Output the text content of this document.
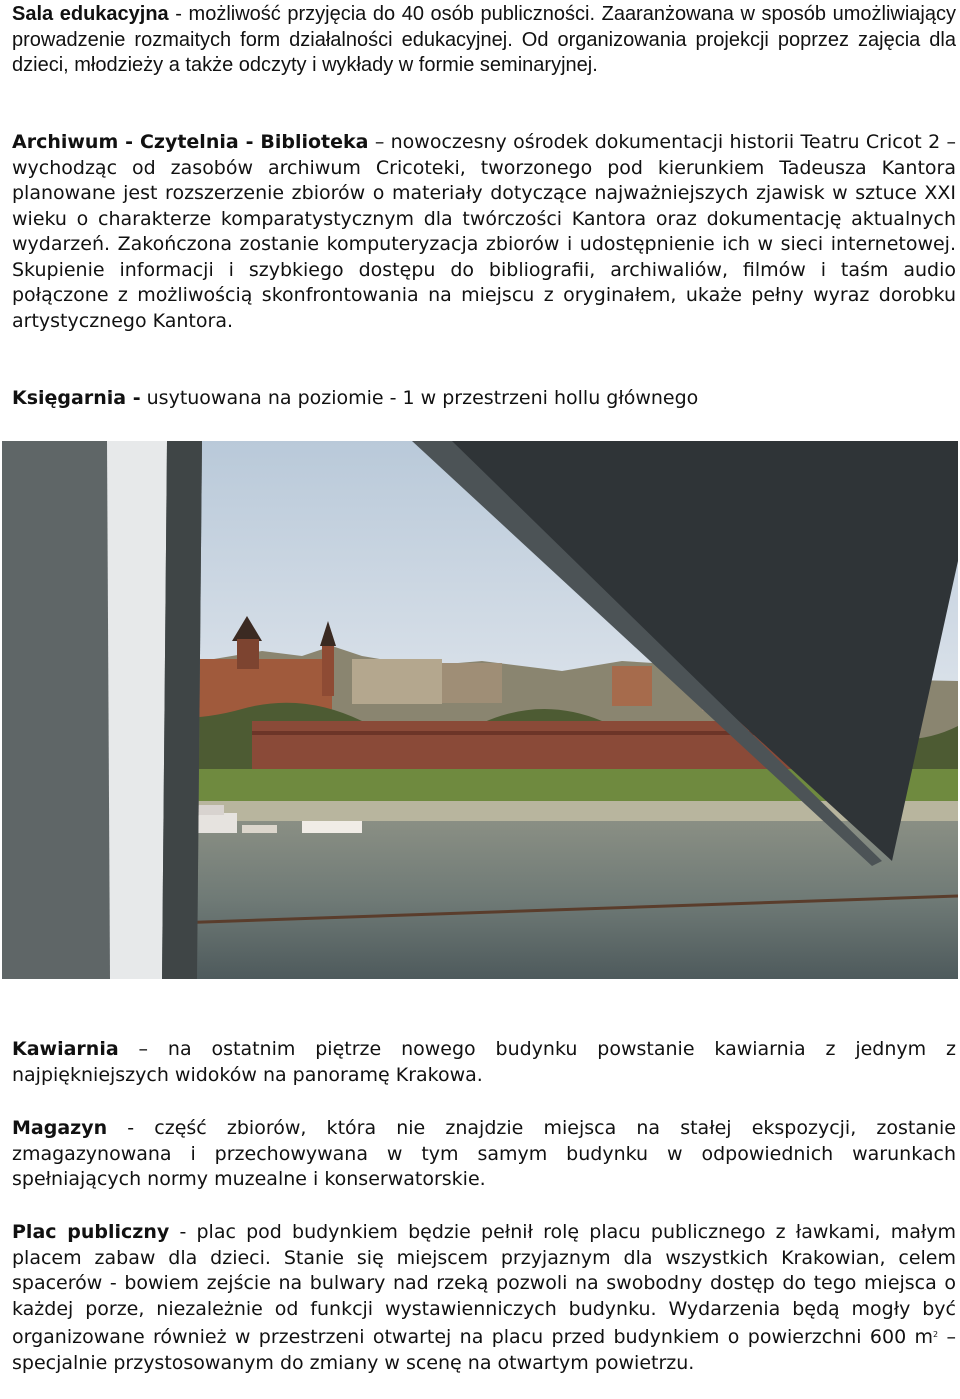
Sala edukacyjna - możliwość przyjęcia do 40 osób publiczności. Zaaranżowana w sposób umożliwiający prowadzenie rozmaitych form działalności edukacyjnej. Od organizowania projekcji poprzez zajęcia dla dzieci, młodzieży a także odczyty i wykłady w formie seminaryjnej.

Archiwum - Czytelnia - Biblioteka – nowoczesny ośrodek dokumentacji historii Teatru Cricot 2 – wychodząc od zasobów archiwum Cricoteki, tworzonego pod kierunkiem Tadeusza Kantora planowane jest rozszerzenie zbiorów o materiały dotyczące najważniejszych zjawisk w sztuce XXI wieku o charakterze komparatystycznym dla twórczości Kantora oraz dokumentację aktualnych wydarzeń. Zakończona zostanie komputeryzacja zbiorów i udostępnienie ich w sieci internetowej. Skupienie informacji i szybkiego dostępu do bibliografii, archiwaliów, filmów i taśm audio połączone z możliwością skonfrontowania na miejscu z oryginałem, ukaże pełny wyraz dorobku artystycznego Kantora.

Księgarnia - usytuowana na poziomie - 1 w przestrzeni hollu głównego

Kawiarnia – na ostatnim piętrze nowego budynku powstanie kawiarnia z jednym z najpiękniejszych widoków na panoramę Krakowa.

Magazyn - część zbiorów, która nie znajdzie miejsca na stałej ekspozycji, zostanie zmagazynowana i przechowywana w tym samym budynku w odpowiednich warunkach spełniających normy muzealne i konserwatorskie.

Plac publiczny - plac pod budynkiem będzie pełnił rolę placu publicznego z ławkami, małym placem zabaw dla dzieci. Stanie się miejscem przyjaznym dla wszystkich Krakowian, celem spacerów - bowiem zejście na bulwary nad rzeką pozwoli na swobodny dostęp do tego miejsca o każdej porze, niezależnie od funkcji wystawienniczych budynku. Wydarzenia będą mogły być organizowane również w przestrzeni otwartej na placu przed budynkiem o powierzchni 600 $m^2$ – specjalnie przystosowanym do zmiany w scenę na otwartym powietrzu.
